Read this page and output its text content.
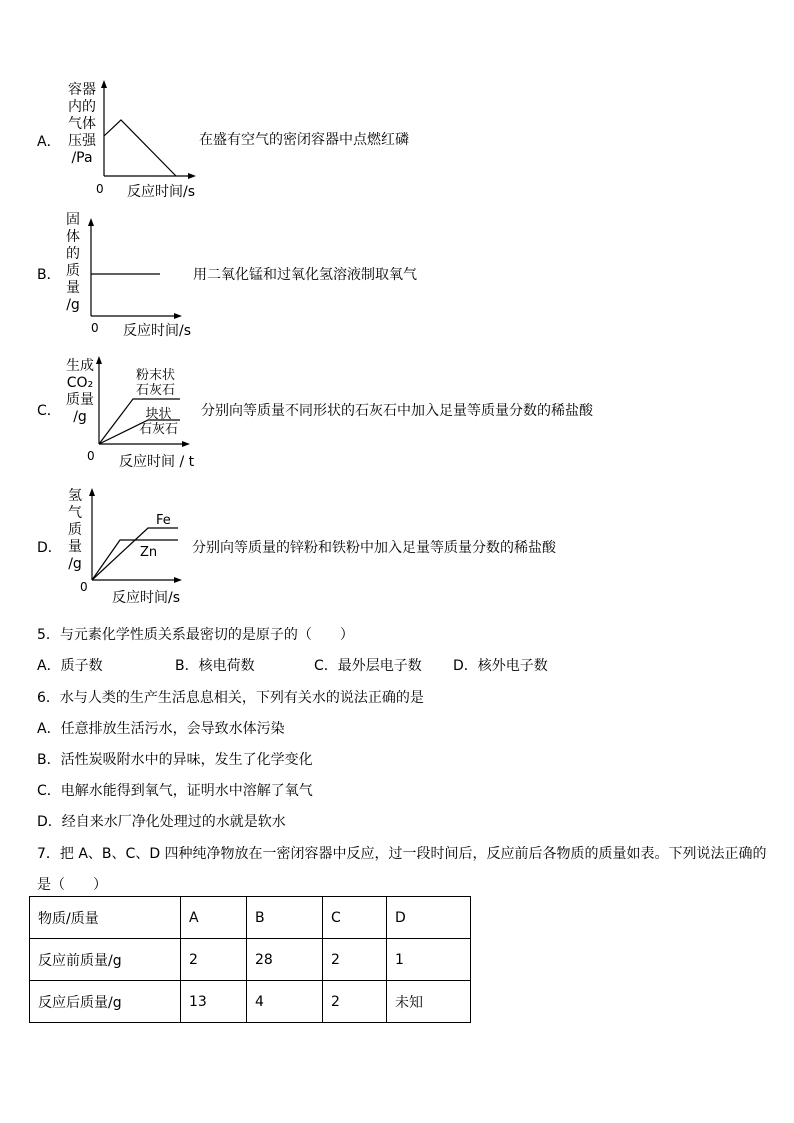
A．
容器
内的
气体
压强
/Pa
0 反应时间/s
在盛有空气的密闭容器中点燃红磷
B．
固
体
的
质
量
/g
0 反应时间/s
用二氧化锰和过氧化氢溶液制取氧气
C．
生成
CO₂
质量
/g
粉末状
石灰石
块状
石灰石
0 反应时间 / t
分别向等质量不同形状的石灰石中加入足量等质量分数的稀盐酸
D．
氢
气
质
量
/g
Fe
Zn
0
反应时间/s
分别向等质量的锌粉和铁粉中加入足量等质量分数的稀盐酸
5．与元素化学性质关系最密切的是原子的（　　）
A．质子数	B．核电荷数	C．最外层电子数 D．核外电子数
6．水与人类的生产生活息息相关，下列有关水的说法正确的是
A．任意排放生活污水，会导致水体污染
B．活性炭吸附水中的异味，发生了化学变化
C．电解水能得到氧气，证明水中溶解了氧气
D．经自来水厂净化处理过的水就是软水
7．把 A、B、C、D 四种纯净物放在一密闭容器中反应，过一段时间后，反应前后各物质的质量如表。下列说法正确的
是（　　）
物质/质量	A	B	C	D
反应前质量/g	2	28	2	1
反应后质量/g	13	4	2	未知
